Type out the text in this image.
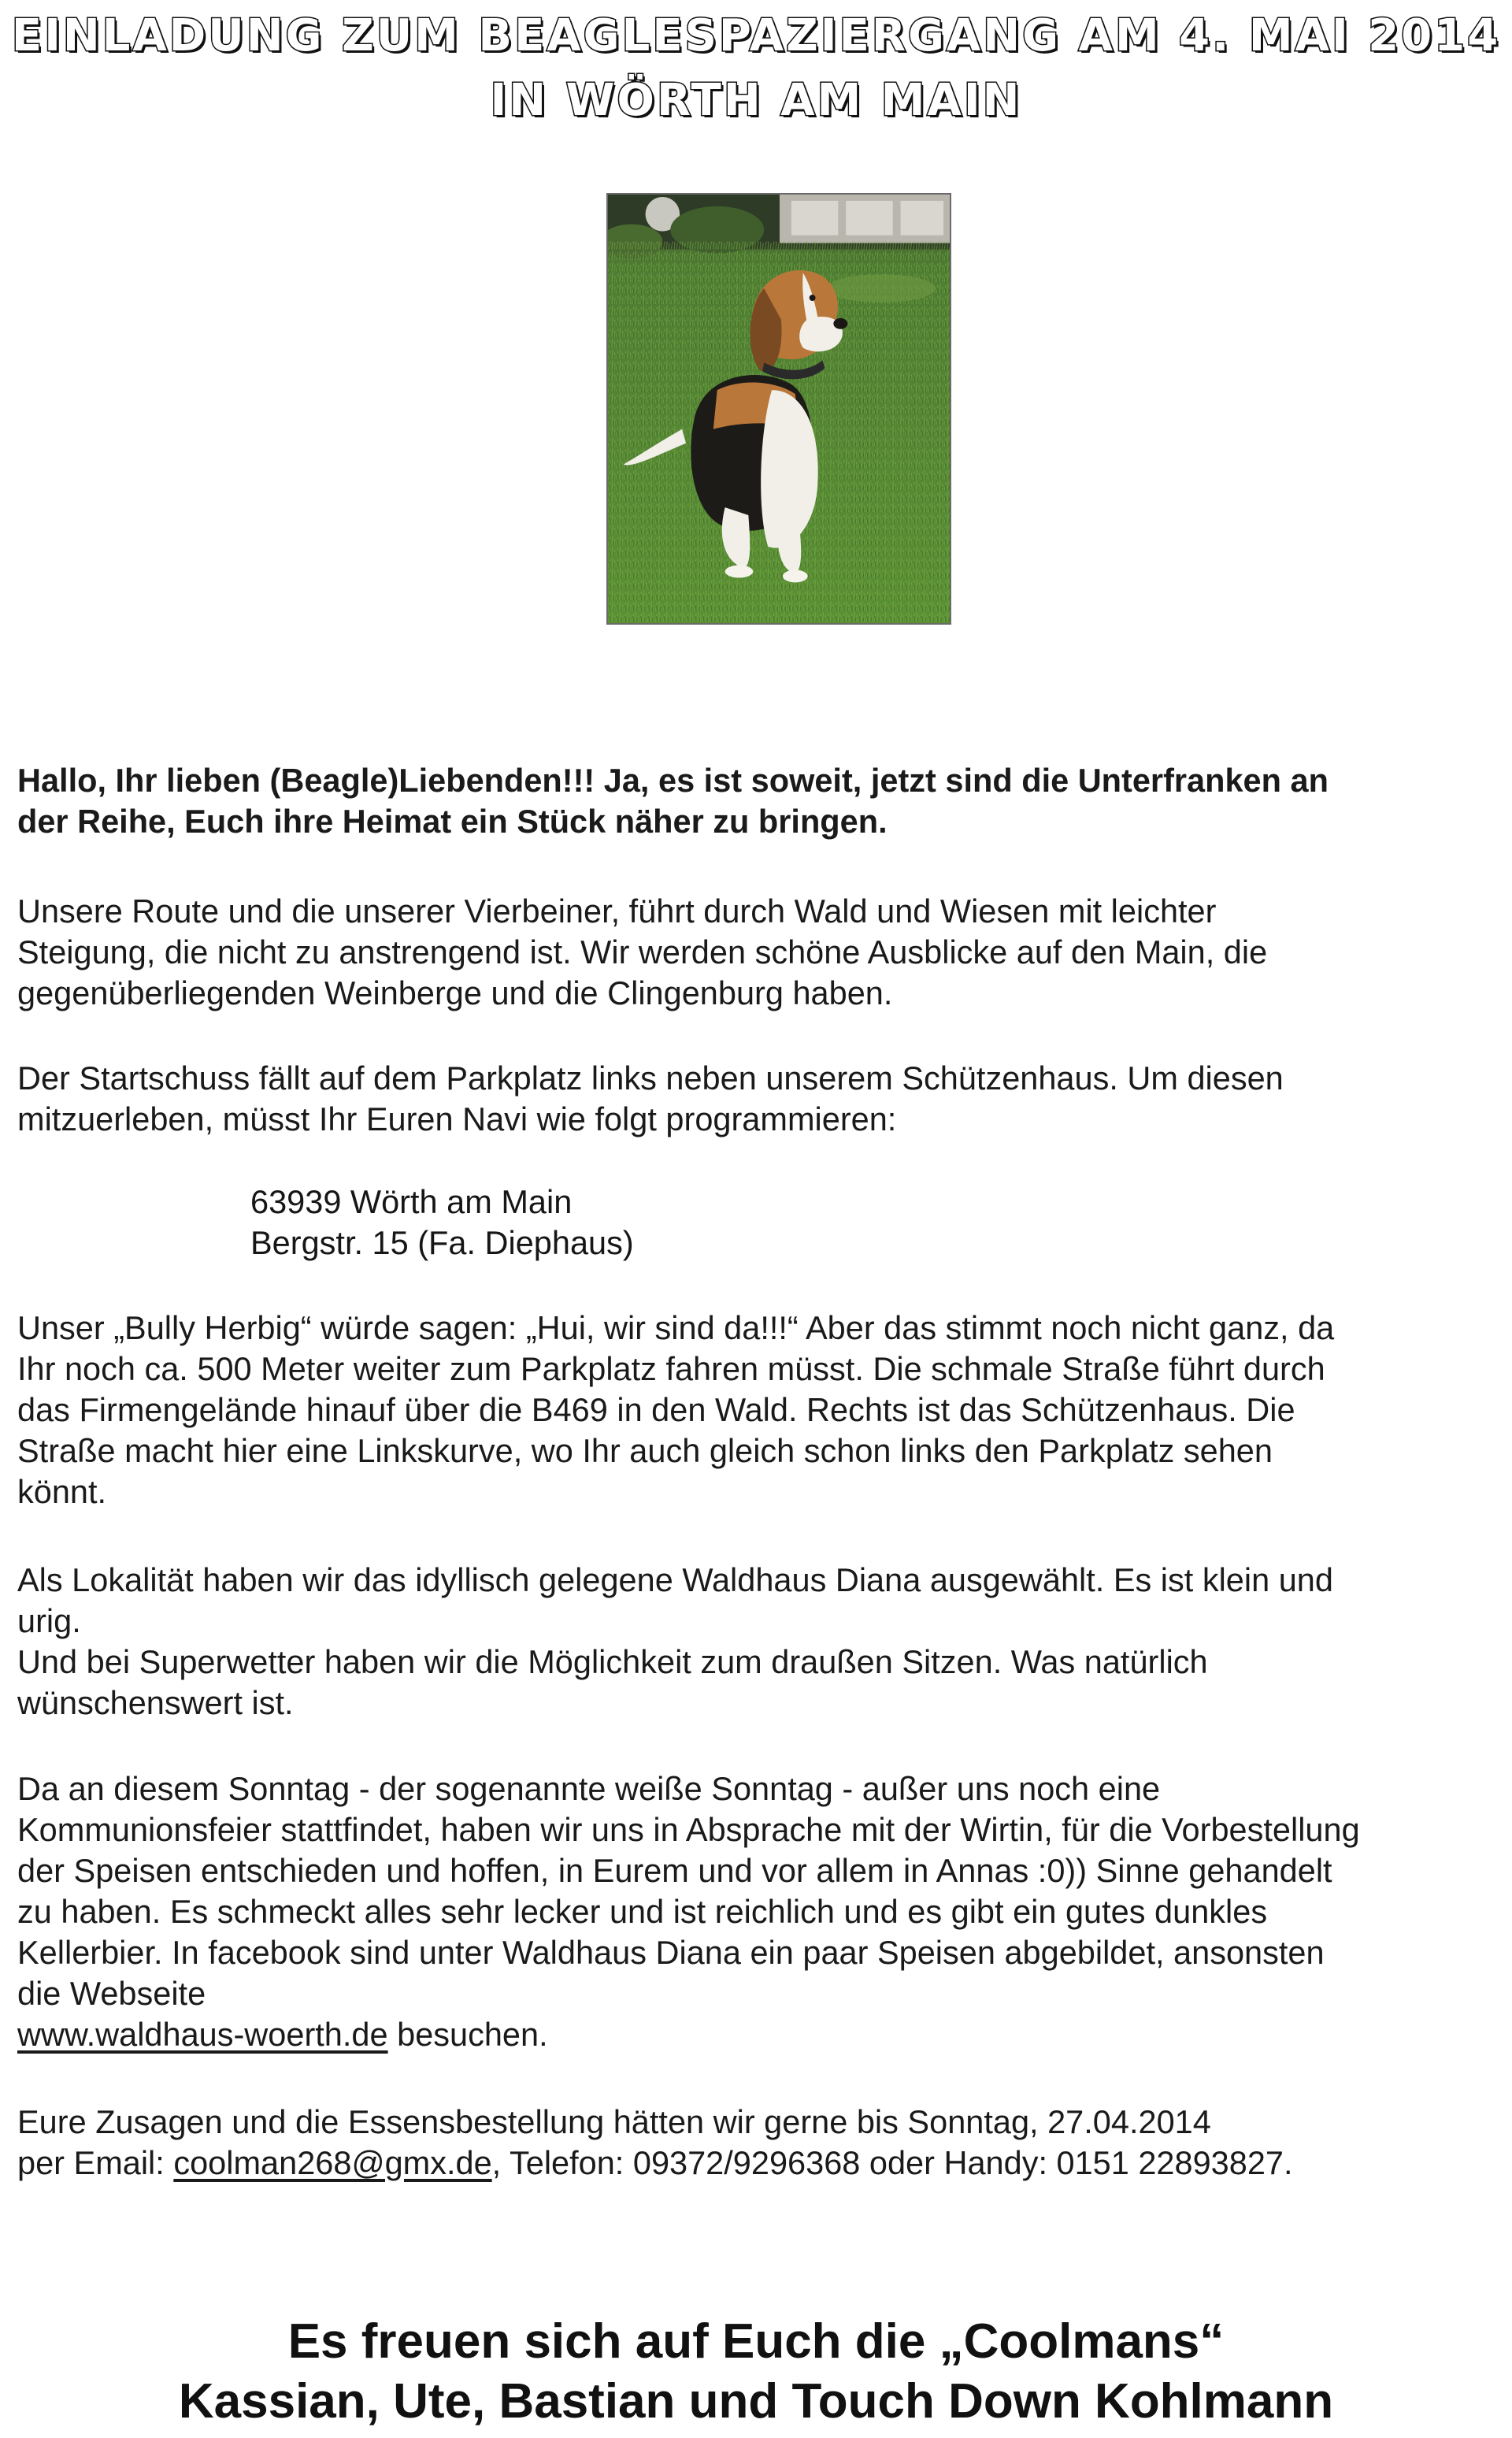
EINLADUNG ZUM BEAGLESPAZIERGANG AM 4. MAI 2014
IN WÖRTH AM MAIN
Hallo, Ihr lieben (Beagle)Liebenden!!! Ja, es ist soweit, jetzt sind die Unterfranken an
der Reihe, Euch ihre Heimat ein Stück näher zu bringen.
Unsere Route und die unserer Vierbeiner, führt durch Wald und Wiesen mit leichter
Steigung, die nicht zu anstrengend ist. Wir werden schöne Ausblicke auf den Main, die
gegenüberliegenden Weinberge und die Clingenburg haben.
Der Startschuss fällt auf dem Parkplatz links neben unserem Schützenhaus. Um diesen
mitzuerleben, müsst Ihr Euren Navi wie folgt programmieren:
63939 Wörth am Main
Bergstr. 15 (Fa. Diephaus)
Unser „Bully Herbig“ würde sagen: „Hui, wir sind da!!!“ Aber das stimmt noch nicht ganz, da
Ihr noch ca. 500 Meter weiter zum Parkplatz fahren müsst. Die schmale Straße führt durch
das Firmengelände hinauf über die B469 in den Wald. Rechts ist das Schützenhaus. Die
Straße macht hier eine Linkskurve, wo Ihr auch gleich schon links den Parkplatz sehen
könnt.
Als Lokalität haben wir das idyllisch gelegene Waldhaus Diana ausgewählt. Es ist klein und
urig.
Und bei Superwetter haben wir die Möglichkeit zum draußen Sitzen. Was natürlich
wünschenswert ist.
Da an diesem Sonntag - der sogenannte weiße Sonntag - außer uns noch eine
Kommunionsfeier stattfindet, haben wir uns in Absprache mit der Wirtin, für die Vorbestellung
der Speisen entschieden und hoffen, in Eurem und vor allem in Annas :0)) Sinne gehandelt
zu haben. Es schmeckt alles sehr lecker und ist reichlich und es gibt ein gutes dunkles
Kellerbier. In facebook sind unter Waldhaus Diana ein paar Speisen abgebildet, ansonsten
die Webseite
www.waldhaus-woerth.de besuchen.
Eure Zusagen und die Essensbestellung hätten wir gerne bis Sonntag, 27.04.2014
per Email: coolman268@gmx.de, Telefon: 09372/9296368 oder Handy: 0151 22893827.
Es freuen sich auf Euch die „Coolmans“
Kassian, Ute, Bastian und Touch Down Kohlmann
